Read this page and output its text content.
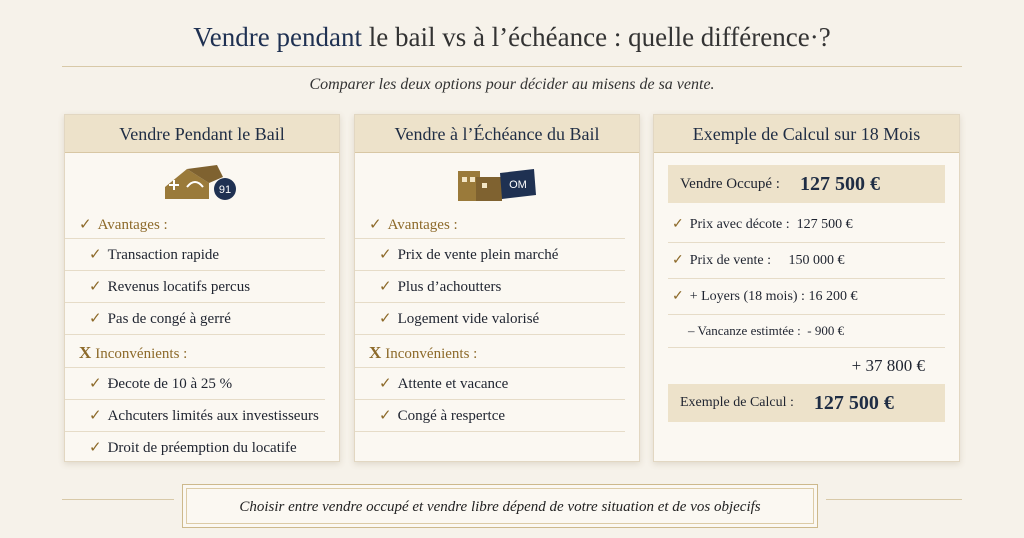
Vendre pendant le bail vs à l’échéance : quelle différence·?
Comparer les deux options pour décider au misens de sa vente.
Vendre Pendant le Bail
91
✓ Avantages :
✓ Transaction rapide
✓ Revenus locatifs percus
✓ Pas de congé à gerré
X Inconvénients :
✓ Ðecote de 10 à 25 %
✓ Achcuters limités aux investisseurs
✓ Droit de préemption du locatife
Vendre à l’Échéance du Bail
OM
✓ Avantages :
✓ Prix de vente plein marché
✓ Plus d’achoutters
✓ Logement vide valorisé
X Inconvénients :
✓ Attente et vacance
✓ Congé à respertce
Exemple de Calcul sur 18 Mois
Vendre Occupé : 127 500 €
✓ Prix avec décote : 127 500 €
✓ Prix de vente : 150 000 €
✓ + Loyers (18 mois) : 16 200 €
– Vancanze estimtée : - 900 €
+ 37 800 €
Exemple de Calcul : 127 500 €
Choisir entre vendre occupé et vendre libre dépend de votre situation et de vos objecifs
